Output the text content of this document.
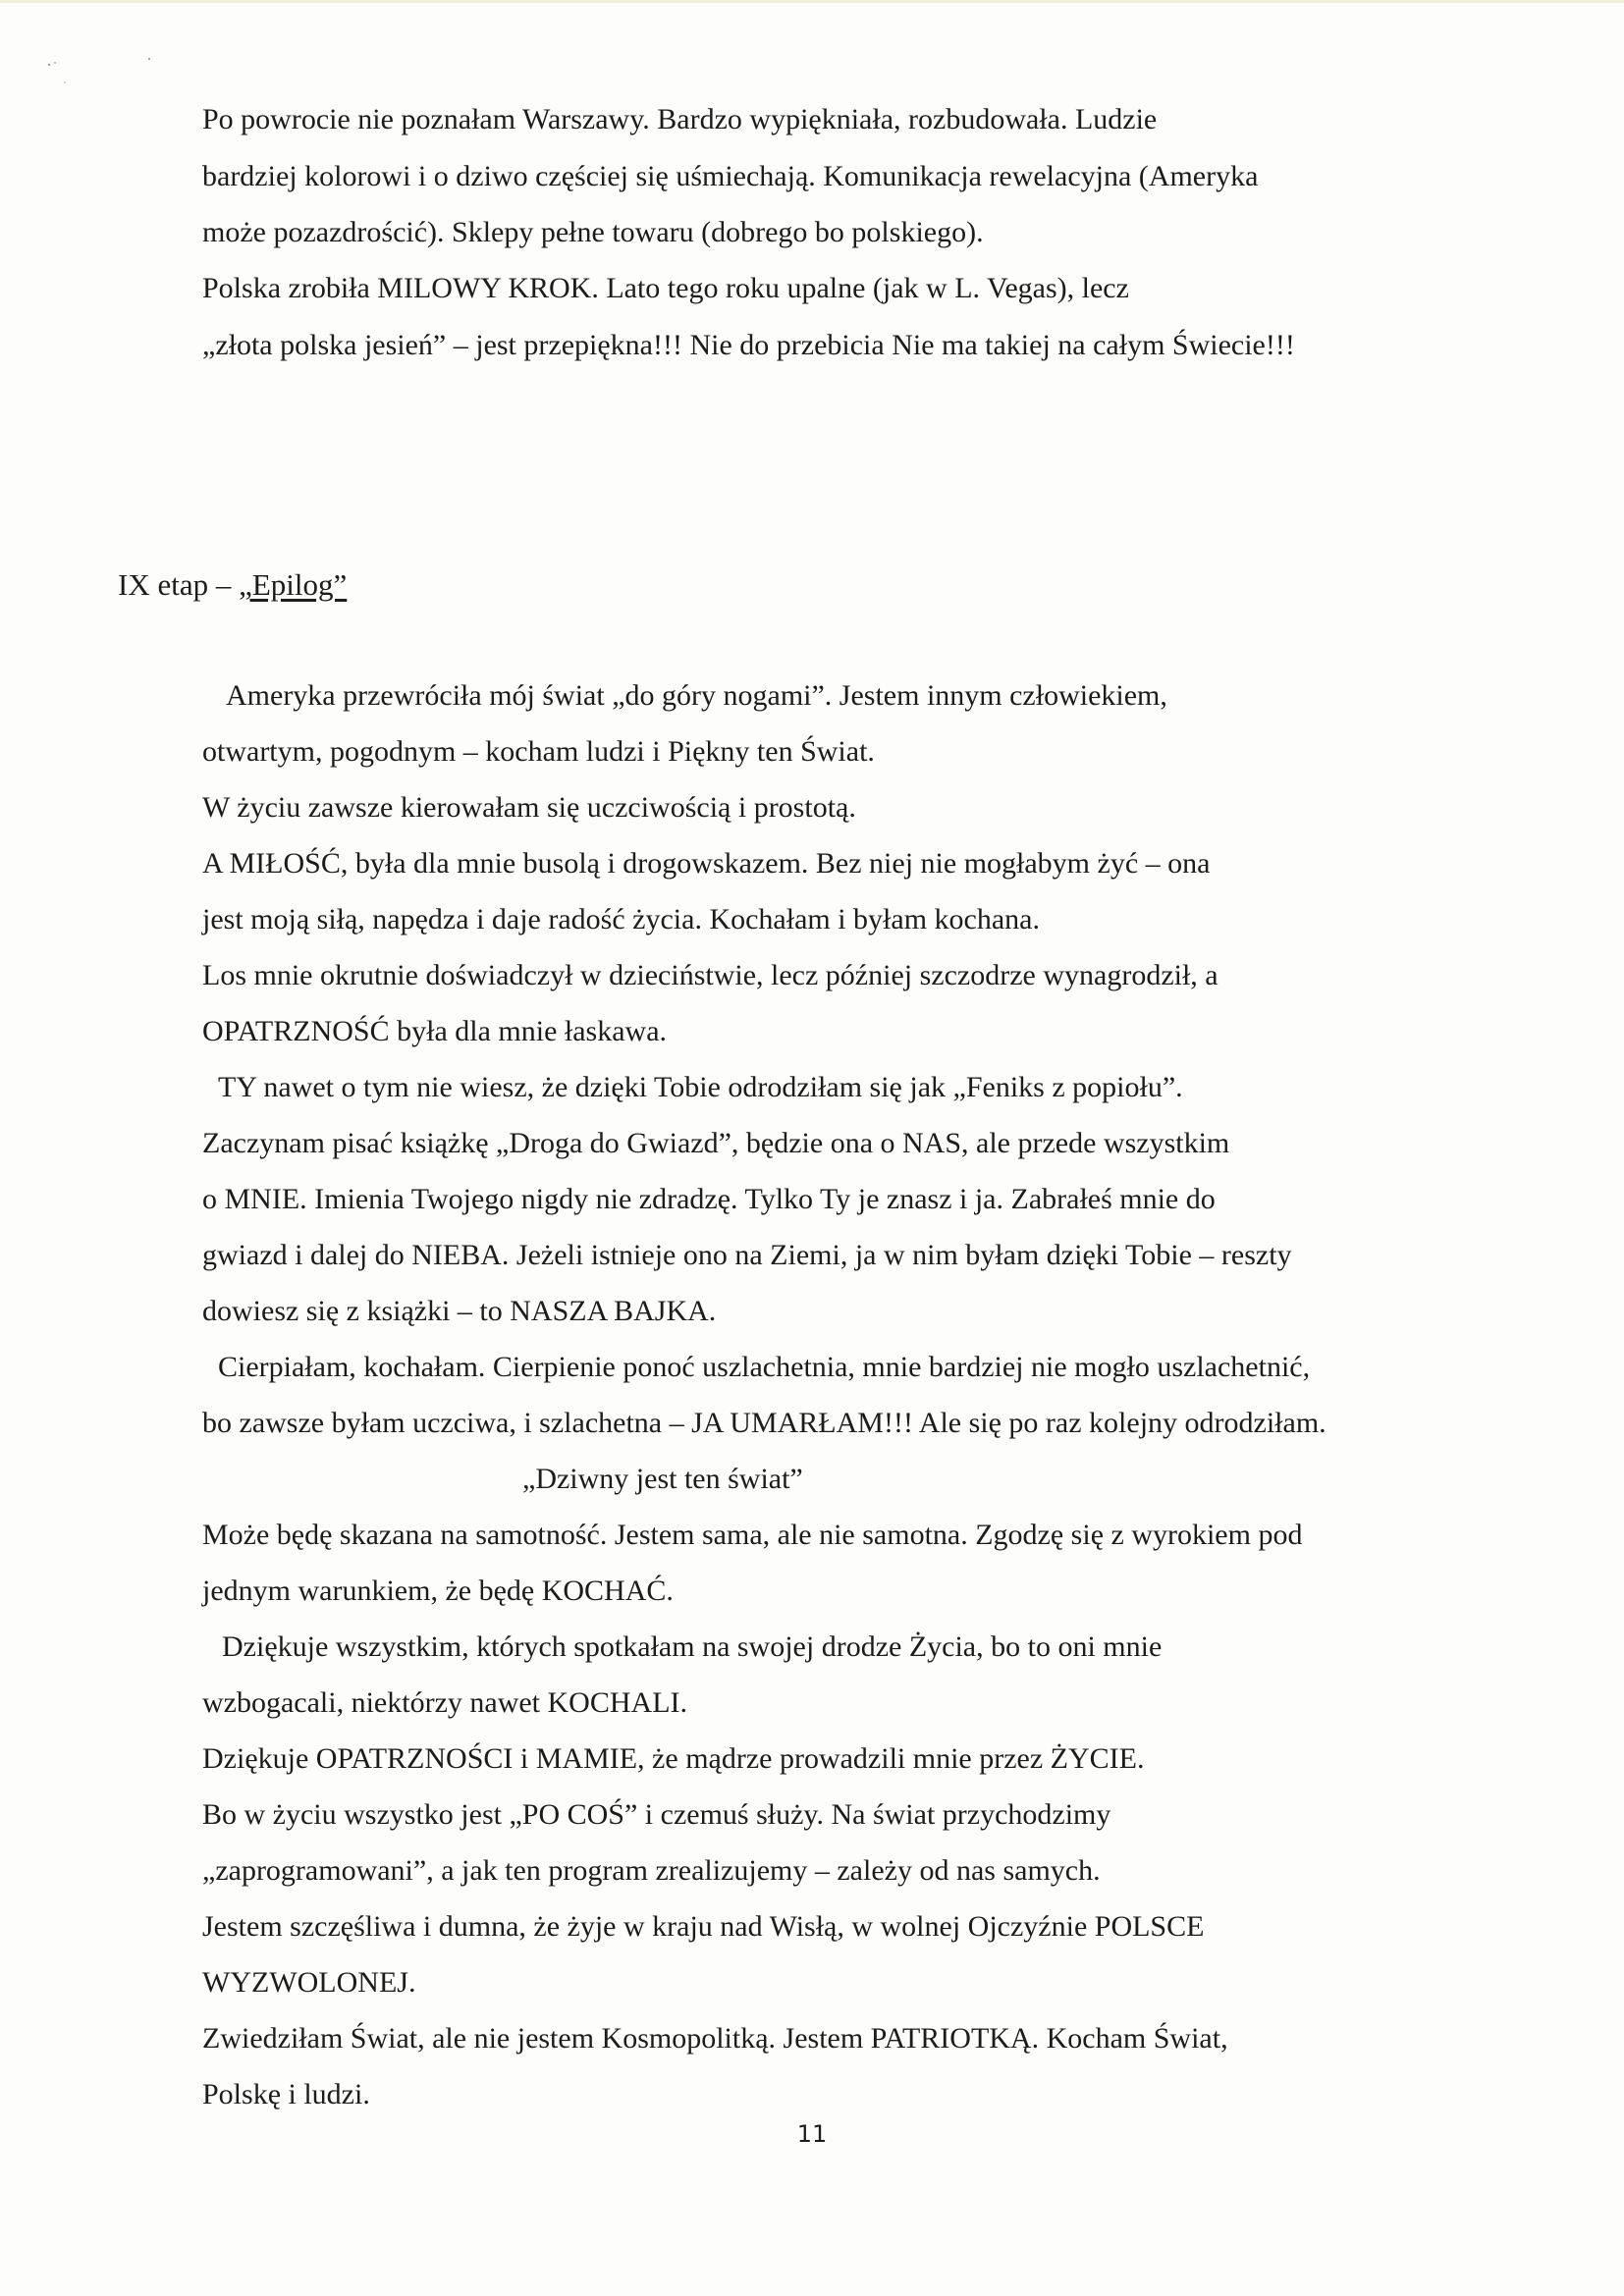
Po powrocie nie poznałam Warszawy. Bardzo wypiękniała, rozbudowała. Ludzie
bardziej kolorowi i o dziwo częściej się uśmiechają. Komunikacja rewelacyjna (Ameryka
może pozazdrościć). Sklepy pełne towaru (dobrego bo polskiego).
Polska zrobiła MILOWY KROK. Lato tego roku upalne (jak w L. Vegas), lecz
„złota polska jesień” – jest przepiękna!!! Nie do przebicia Nie ma takiej na całym Świecie!!!
IX etap – „Epilog”
Ameryka przewróciła mój świat „do góry nogami”. Jestem innym człowiekiem,
otwartym, pogodnym – kocham ludzi i Piękny ten Świat.
W życiu zawsze kierowałam się uczciwością i prostotą.
A MIŁOŚĆ, była dla mnie busolą i drogowskazem. Bez niej nie mogłabym żyć – ona
jest moją siłą, napędza i daje radość życia. Kochałam i byłam kochana.
Los mnie okrutnie doświadczył w dzieciństwie, lecz później szczodrze wynagrodził, a
OPATRZNOŚĆ była dla mnie łaskawa.
TY nawet o tym nie wiesz, że dzięki Tobie odrodziłam się jak „Feniks z popiołu”.
Zaczynam pisać książkę „Droga do Gwiazd”, będzie ona o NAS, ale przede wszystkim
o MNIE. Imienia Twojego nigdy nie zdradzę. Tylko Ty je znasz i ja. Zabrałeś mnie do
gwiazd i dalej do NIEBA. Jeżeli istnieje ono na Ziemi, ja w nim byłam dzięki Tobie – reszty
dowiesz się z książki – to NASZA BAJKA.
Cierpiałam, kochałam. Cierpienie ponoć uszlachetnia, mnie bardziej nie mogło uszlachetnić,
bo zawsze byłam uczciwa, i szlachetna – JA UMARŁAM!!! Ale się po raz kolejny odrodziłam.
„Dziwny jest ten świat”
Może będę skazana na samotność. Jestem sama, ale nie samotna. Zgodzę się z wyrokiem pod
jednym warunkiem, że będę KOCHAĆ.
Dziękuje wszystkim, których spotkałam na swojej drodze Życia, bo to oni mnie
wzbogacali, niektórzy nawet KOCHALI.
Dziękuje OPATRZNOŚCI i MAMIE, że mądrze prowadzili mnie przez ŻYCIE.
Bo w życiu wszystko jest „PO COŚ” i czemuś służy. Na świat przychodzimy
„zaprogramowani”, a jak ten program zrealizujemy – zależy od nas samych.
Jestem szczęśliwa i dumna, że żyje w kraju nad Wisłą, w wolnej Ojczyźnie POLSCE
WYZWOLONEJ.
Zwiedziłam Świat, ale nie jestem Kosmopolitką. Jestem PATRIOTKĄ. Kocham Świat,
Polskę i ludzi.
11
